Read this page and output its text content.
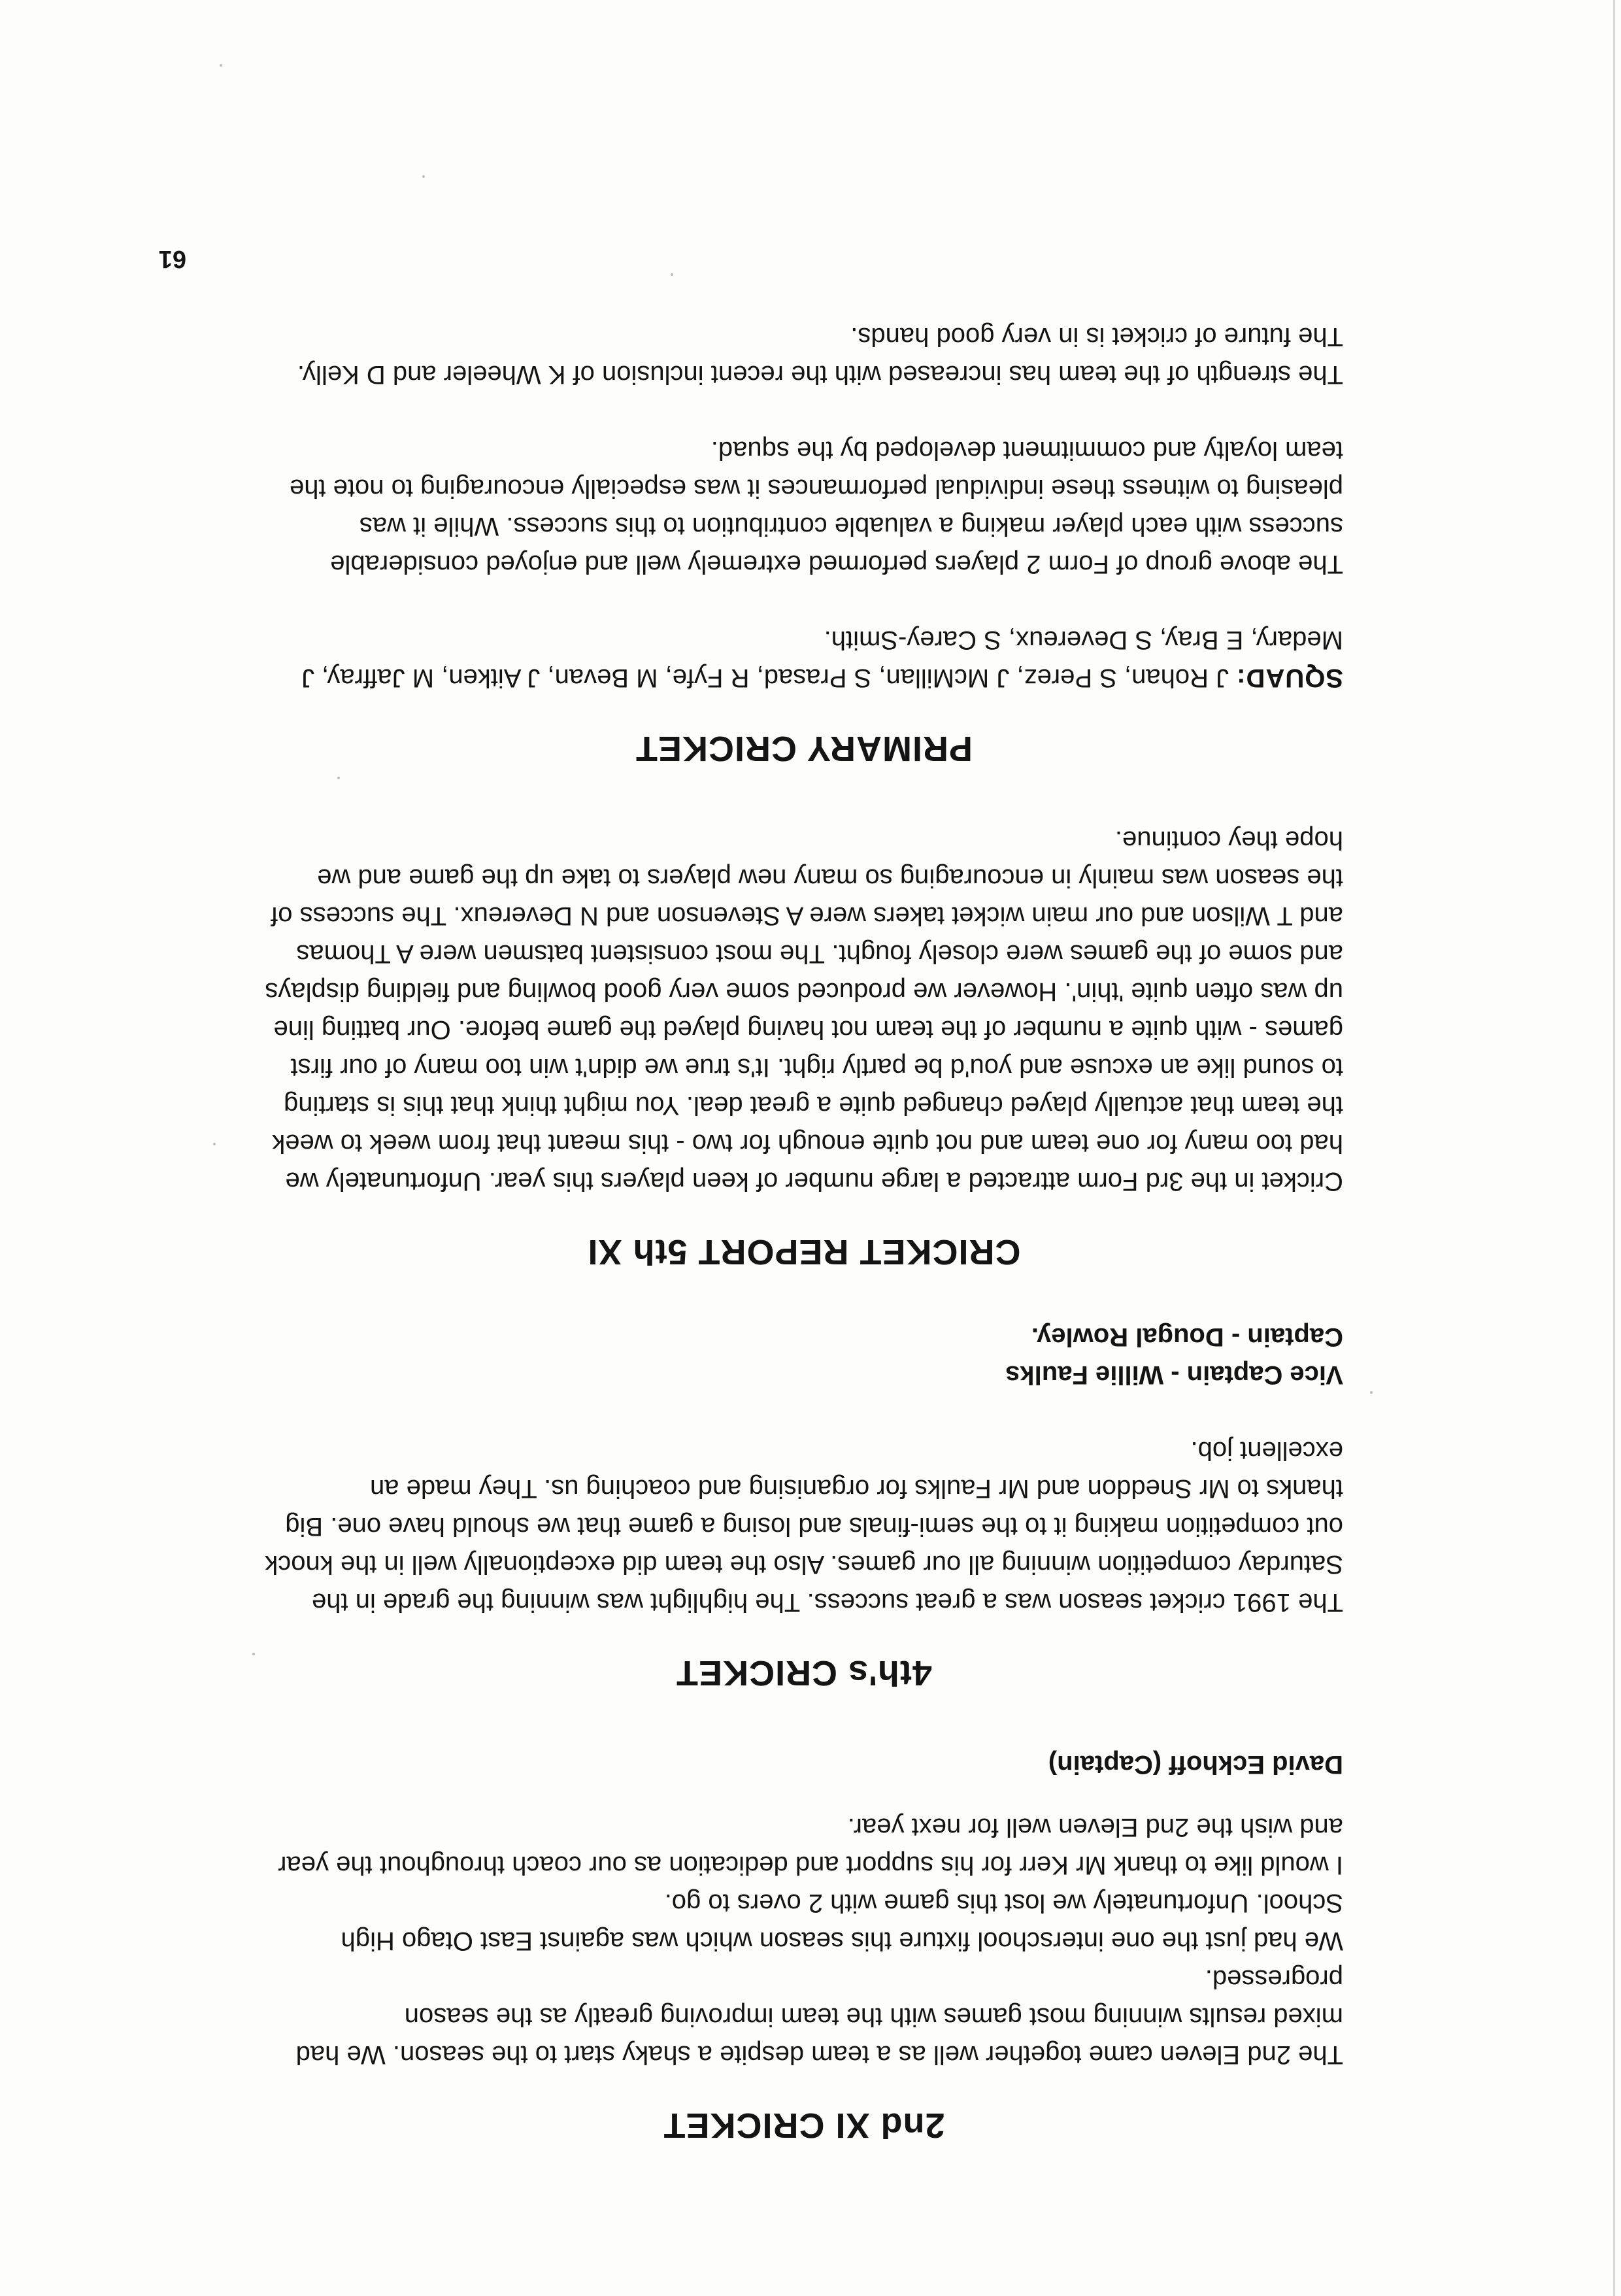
2nd XI CRICKET

The 2nd Eleven came together well as a team despite a shaky start to the season. We had mixed results winning most games with the team improving greatly as the season progressed.

We had just the one interschool fixture this season which was against East Otago High School. Unfortunately we lost this game with 2 overs to go.

I would like to thank Mr Kerr for his support and dedication as our coach throughout the year and wish the 2nd Eleven well for next year.

David Eckhoff (Captain)

4th's CRICKET

The 1991 cricket season was a great success. The highlight was winning the grade in the Saturday competition winning all our games. Also the team did exceptionally well in the knock out competition making it to the semi-finals and losing a game that we should have one. Big thanks to Mr Sneddon and Mr Faulks for organising and coaching us. They made an excellent job.

Vice Captain - Willie Faulks

Captain - Dougal Rowley.

CRICKET REPORT 5th XI

Cricket in the 3rd Form attracted a large number of keen players this year. Unfortunately we had too many for one team and not quite enough for two - this meant that from week to week the team that actually played changed quite a great deal. You might think that this is starting to sound like an excuse and you'd be partly right. It's true we didn't win too many of our first games - with quite a number of the team not having played the game before. Our batting line up was often quite 'thin'. However we produced some very good bowling and fielding displays and some of the games were closely fought. The most consistent batsmen were A Thomas and T Wilson and our main wicket takers were A Stevenson and N Deverеux. The success of the season was mainly in encouraging so many new players to take up the game and we hope they continue.

PRIMARY CRICKET

SQUAD: J Rohan, S Perez, J McMillan, S Prasad, R Fyfe, M Bevan, J Aitken, M Jaffray, J Medary, E Bray, S Devereux, S Carey-Smith.

The above group of Form 2 players performed extremely well and enjoyed considerable success with each player making a valuable contribution to this success. While it was pleasing to witness these individual performances it was especially encouraging to note the team loyalty and commitment developed by the squad.

The strength of the team has increased with the recent inclusion of K Wheeler and D Kelly. The future of cricket is in very good hands.

61
